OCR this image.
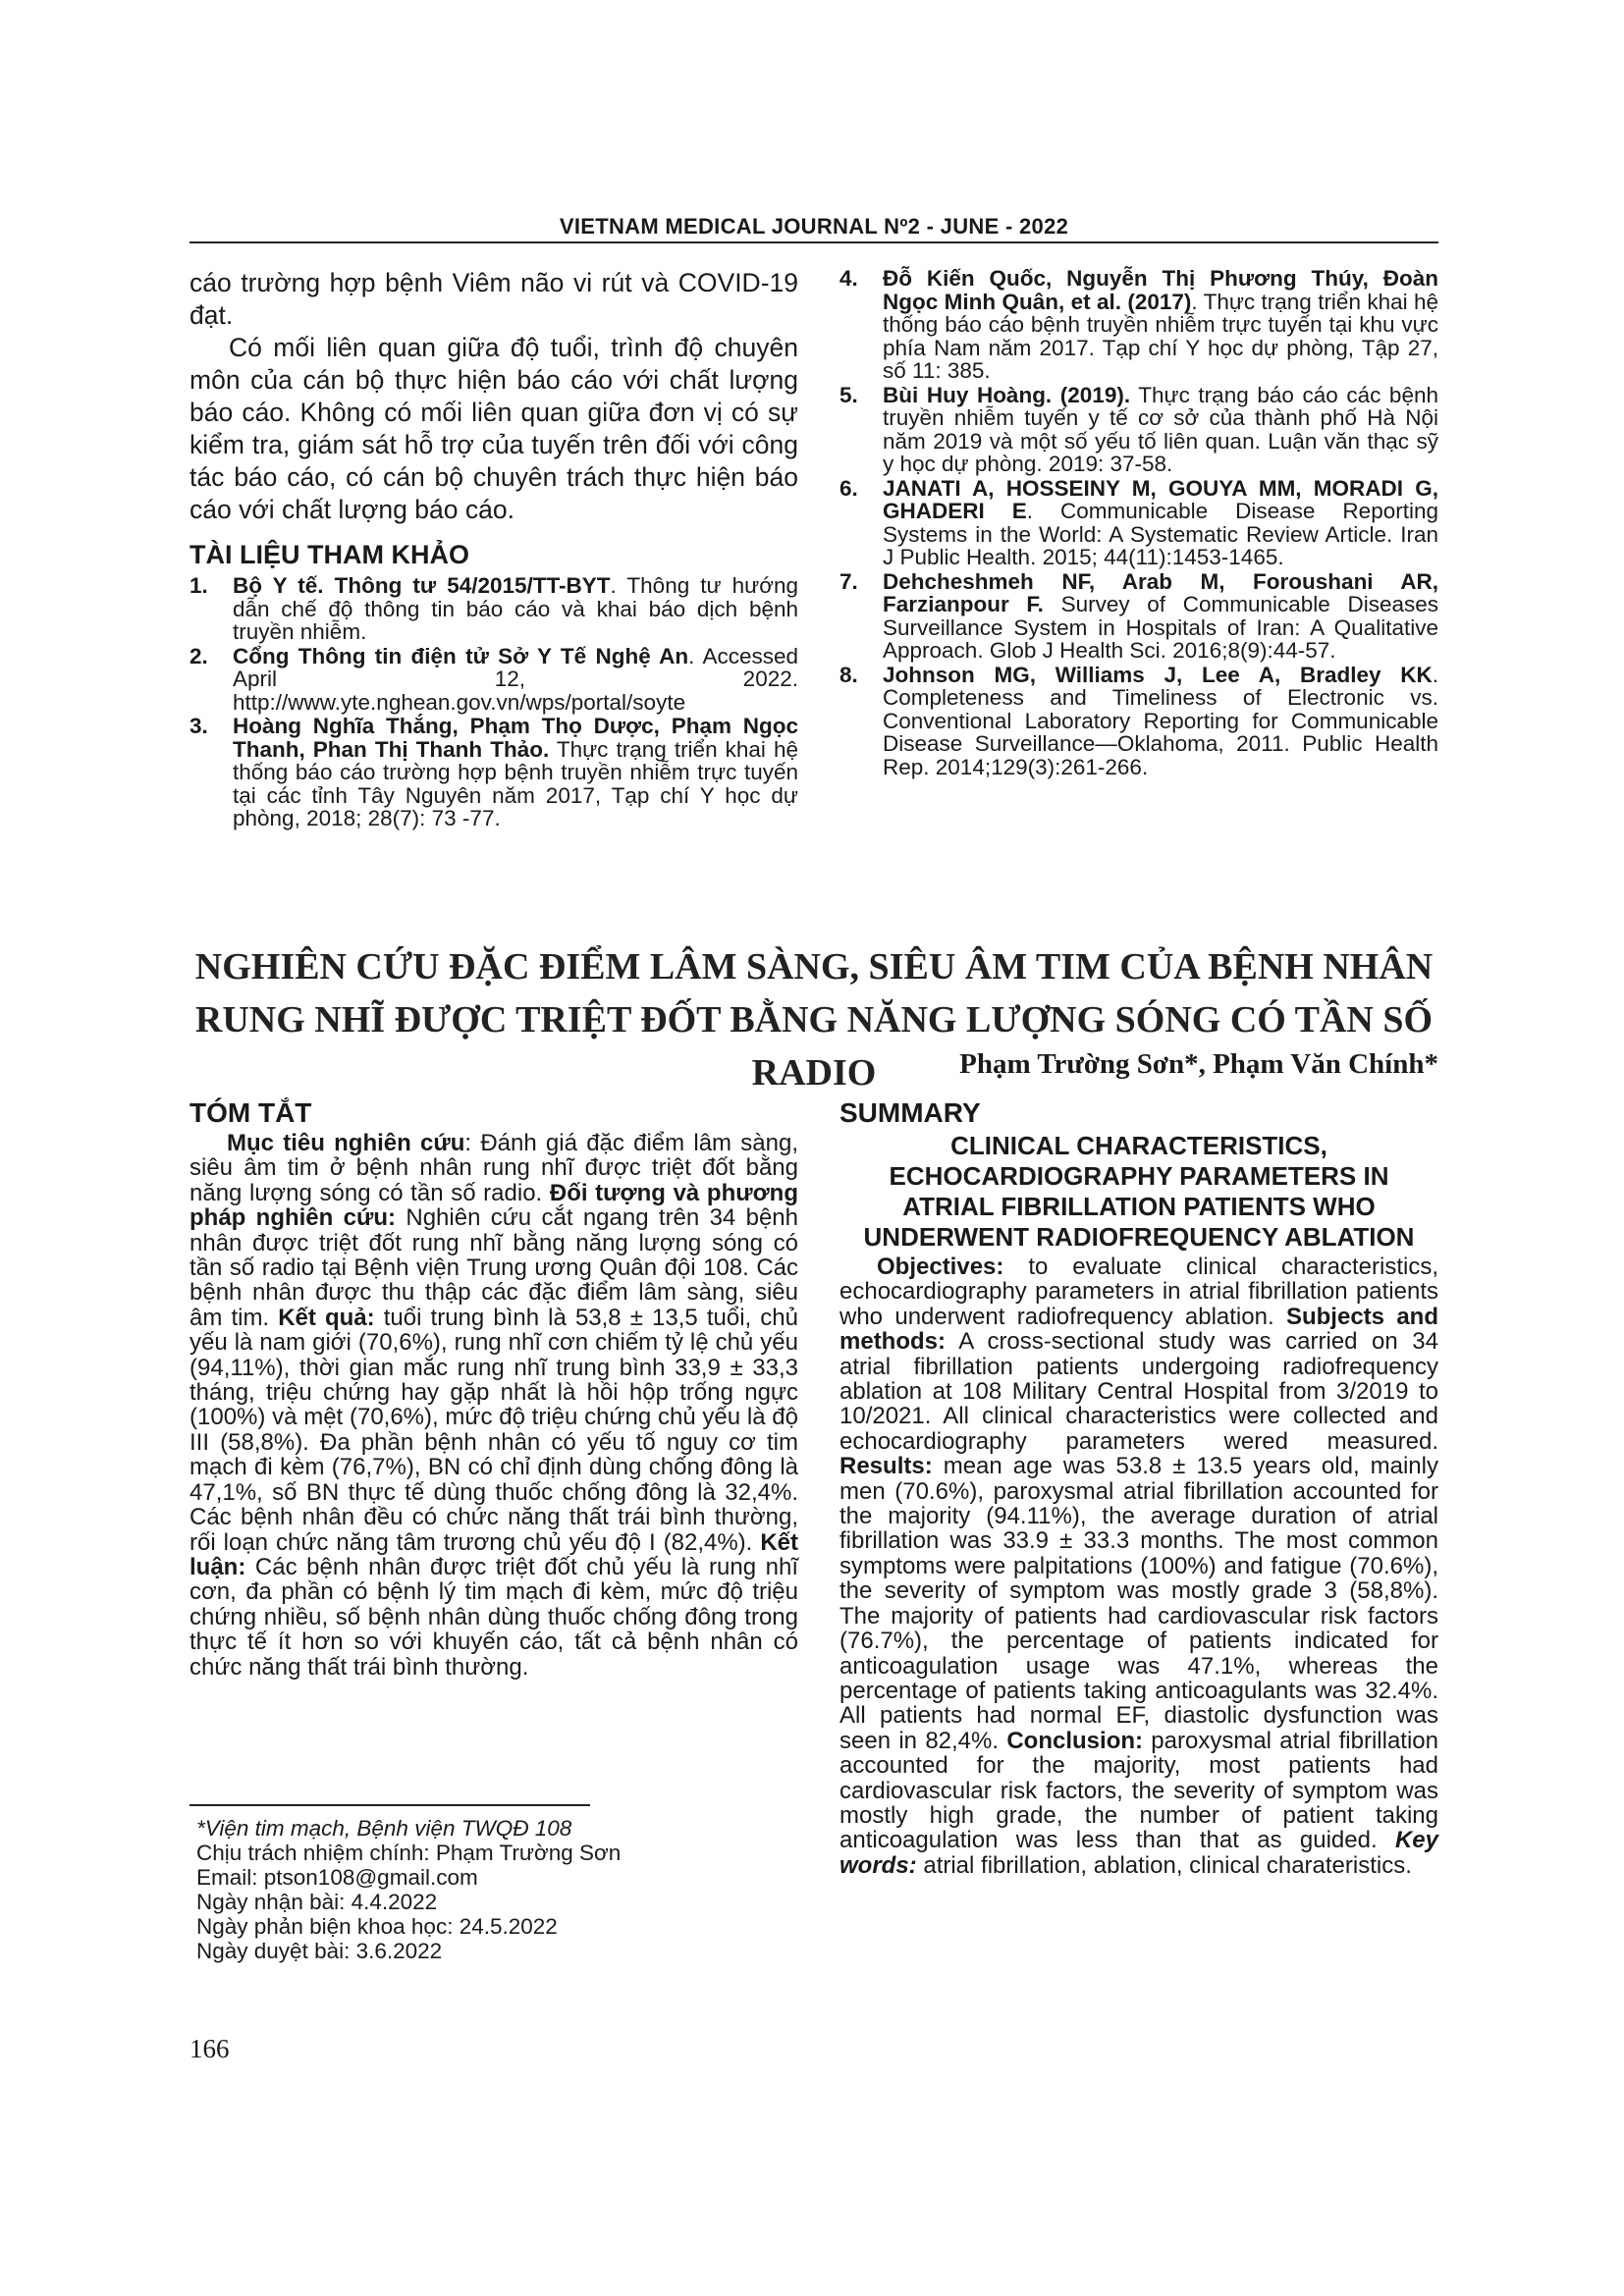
VIETNAM MEDICAL JOURNAL Nº2 - JUNE - 2022

cáo trường hợp bệnh Viêm não vi rút và COVID-19 đạt.

Có mối liên quan giữa độ tuổi, trình độ chuyên môn của cán bộ thực hiện báo cáo với chất lượng báo cáo. Không có mối liên quan giữa đơn vị có sự kiểm tra, giám sát hỗ trợ của tuyến trên đối với công tác báo cáo, có cán bộ chuyên trách thực hiện báo cáo với chất lượng báo cáo.

TÀI LIỆU THAM KHẢO
1.	Bộ Y tế. Thông tư 54/2015/TT-BYT. Thông tư hướng dẫn chế độ thông tin báo cáo và khai báo dịch bệnh truyền nhiễm.
2.	Cổng Thông tin điện tử Sở Y Tế Nghệ An. Accessed April 12, 2022. http://www.yte.nghean.gov.vn/wps/portal/soyte
3.	Hoàng Nghĩa Thắng, Phạm Thọ Dược, Phạm Ngọc Thanh, Phan Thị Thanh Thảo. Thực trạng triển khai hệ thống báo cáo trường hợp bệnh truyền nhiễm trực tuyến tại các tỉnh Tây Nguyên năm 2017, Tạp chí Y học dự phòng, 2018; 28(7): 73 -77.
4.	Đỗ Kiến Quốc, Nguyễn Thị Phương Thúy, Đoàn Ngọc Minh Quân, et al. (2017). Thực trạng triển khai hệ thống báo cáo bệnh truyền nhiễm trực tuyến tại khu vực phía Nam năm 2017. Tạp chí Y học dự phòng, Tập 27, số 11: 385.
5.	Bùi Huy Hoàng. (2019). Thực trạng báo cáo các bệnh truyền nhiễm tuyến y tế cơ sở của thành phố Hà Nội năm 2019 và một số yếu tố liên quan. Luận văn thạc sỹ y học dự phòng. 2019: 37-58.
6.	JANATI A, HOSSEINY M, GOUYA MM, MORADI G, GHADERI E. Communicable Disease Reporting Systems in the World: A Systematic Review Article. Iran J Public Health. 2015; 44(11):1453-1465.
7.	Dehcheshmeh NF, Arab M, Foroushani AR, Farzianpour F. Survey of Communicable Diseases Surveillance System in Hospitals of Iran: A Qualitative Approach. Glob J Health Sci. 2016;8(9):44-57.
8.	Johnson MG, Williams J, Lee A, Bradley KK. Completeness and Timeliness of Electronic vs. Conventional Laboratory Reporting for Communicable Disease Surveillance—Oklahoma, 2011. Public Health Rep. 2014;129(3):261-266.
NGHIÊN CỨU ĐẶC ĐIỂM LÂM SÀNG, SIÊU ÂM TIM CỦA BỆNH NHÂN
RUNG NHĨ ĐƯỢC TRIỆT ĐỐT BẰNG NĂNG LƯỢNG SÓNG CÓ TẦN SỐ RADIO	Phạm Trường Sơn*, Phạm Văn Chính*
TÓM TẮT

Mục tiêu nghiên cứu: Đánh giá đặc điểm lâm sàng, siêu âm tim ở bệnh nhân rung nhĩ được triệt đốt bằng năng lượng sóng có tần số radio. Đối tượng và phương pháp nghiên cứu: Nghiên cứu cắt ngang trên 34 bệnh nhân được triệt đốt rung nhĩ bằng năng lượng sóng có tần số radio tại Bệnh viện Trung ương Quân đội 108. Các bệnh nhân được thu thập các đặc điểm lâm sàng, siêu âm tim. Kết quả: tuổi trung bình là 53,8 ± 13,5 tuổi, chủ yếu là nam giới (70,6%), rung nhĩ cơn chiếm tỷ lệ chủ yếu (94,11%), thời gian mắc rung nhĩ trung bình 33,9 ± 33,3 tháng, triệu chứng hay gặp nhất là hồi hộp trống ngực (100%) và mệt (70,6%), mức độ triệu chứng chủ yếu là độ III (58,8%). Đa phần bệnh nhân có yếu tố nguy cơ tim mạch đi kèm (76,7%), BN có chỉ định dùng chống đông là 47,1%, số BN thực tế dùng thuốc chống đông là 32,4%. Các bệnh nhân đều có chức năng thất trái bình thường, rối loạn chức năng tâm trương chủ yếu độ I (82,4%). Kết luận: Các bệnh nhân được triệt đốt chủ yếu là rung nhĩ cơn, đa phần có bệnh lý tim mạch đi kèm, mức độ triệu chứng nhiều, số bệnh nhân dùng thuốc chống đông trong thực tế ít hơn so với khuyến cáo, tất cả bệnh nhân có chức năng thất trái bình thường.

SUMMARY
CLINICAL CHARACTERISTICS,
ECHOCARDIOGRAPHY PARAMETERS IN
ATRIAL FIBRILLATION PATIENTS WHO
UNDERWENT RADIOFREQUENCY ABLATION

Objectives: to evaluate clinical characteristics, echocardiography parameters in atrial fibrillation patients who underwent radiofrequency ablation. Subjects and methods: A cross-sectional study was carried on 34 atrial fibrillation patients undergoing radiofrequency ablation at 108 Military Central Hospital from 3/2019 to 10/2021. All clinical characteristics were collected and echocardiography parameters wered measured. Results: mean age was 53.8 ± 13.5 years old, mainly men (70.6%), paroxysmal atrial fibrillation accounted for the majority (94.11%), the average duration of atrial fibrillation was 33.9 ± 33.3 months. The most common symptoms were palpitations (100%) and fatigue (70.6%), the severity of symptom was mostly grade 3 (58,8%). The majority of patients had cardiovascular risk factors (76.7%), the percentage of patients indicated for anticoagulation usage was 47.1%, whereas the percentage of patients taking anticoagulants was 32.4%. All patients had normal EF, diastolic dysfunction was seen in 82,4%. Conclusion: paroxysmal atrial fibrillation accounted for the majority, most patients had cardiovascular risk factors, the severity of symptom was mostly high grade, the number of patient taking anticoagulation was less than that as guided. Key words: atrial fibrillation, ablation, clinical charateristics.

*Viện tim mạch, Bệnh viện TWQĐ 108
Chịu trách nhiệm chính: Phạm Trường Sơn
Email: ptson108@gmail.com
Ngày nhận bài: 4.4.2022
Ngày phản biện khoa học: 24.5.2022
Ngày duyệt bài: 3.6.2022
166
